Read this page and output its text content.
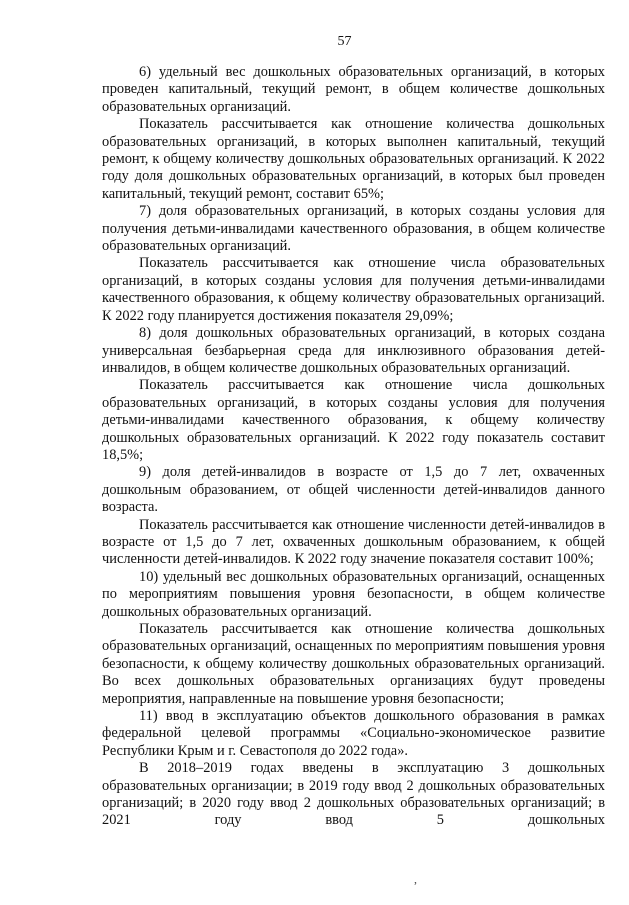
57

6) удельный вес дошкольных образовательных организаций, в которых проведен капитальный, текущий ремонт, в общем количестве дошкольных образовательных организаций.

Показатель рассчитывается как отношение количества дошкольных образовательных организаций, в которых выполнен капитальный, текущий ремонт, к общему количеству дошкольных образовательных организаций. К 2022 году доля дошкольных образовательных организаций, в которых был проведен капитальный, текущий ремонт, составит 65%;

7) доля образовательных организаций, в которых созданы условия для получения детьми-инвалидами качественного образования, в общем количестве образовательных организаций.

Показатель рассчитывается как отношение числа образовательных организаций, в которых созданы условия для получения детьми-инвалидами качественного образования, к общему количеству образовательных организаций. К 2022 году планируется достижения показателя 29,09%;

8) доля дошкольных образовательных организаций, в которых создана универсальная безбарьерная среда для инклюзивного образования детей-инвалидов, в общем количестве дошкольных образовательных организаций.

Показатель рассчитывается как отношение числа дошкольных образовательных организаций, в которых созданы условия для получения детьми-инвалидами качественного образования, к общему количеству дошкольных образовательных организаций. К 2022 году показатель составит 18,5%;

9) доля детей-инвалидов в возрасте от 1,5 до 7 лет, охваченных дошкольным образованием, от общей численности детей-инвалидов данного возраста.

Показатель рассчитывается как отношение численности детей-инвалидов в возрасте от 1,5 до 7 лет, охваченных дошкольным образованием, к общей численности детей-инвалидов. К 2022 году значение показателя составит 100%;

10) удельный вес дошкольных образовательных организаций, оснащенных по мероприятиям повышения уровня безопасности, в общем количестве дошкольных образовательных организаций.

Показатель рассчитывается как отношение количества дошкольных образовательных организаций, оснащенных по мероприятиям повышения уровня безопасности, к общему количеству дошкольных образовательных организаций. Во всех дошкольных образовательных организациях будут проведены мероприятия, направленные на повышение уровня безопасности;

11) ввод в эксплуатацию объектов дошкольного образования в рамках федеральной целевой программы «Социально-экономическое развитие Республики Крым и г. Севастополя до 2022 года».

В 2018–2019 годах введены в эксплуатацию 3 дошкольных образовательных организации; в 2019 году ввод 2 дошкольных образовательных организаций; в 2020 году ввод 2 дошкольных образовательных организаций; в 2021 году ввод 5 дошкольных

,
